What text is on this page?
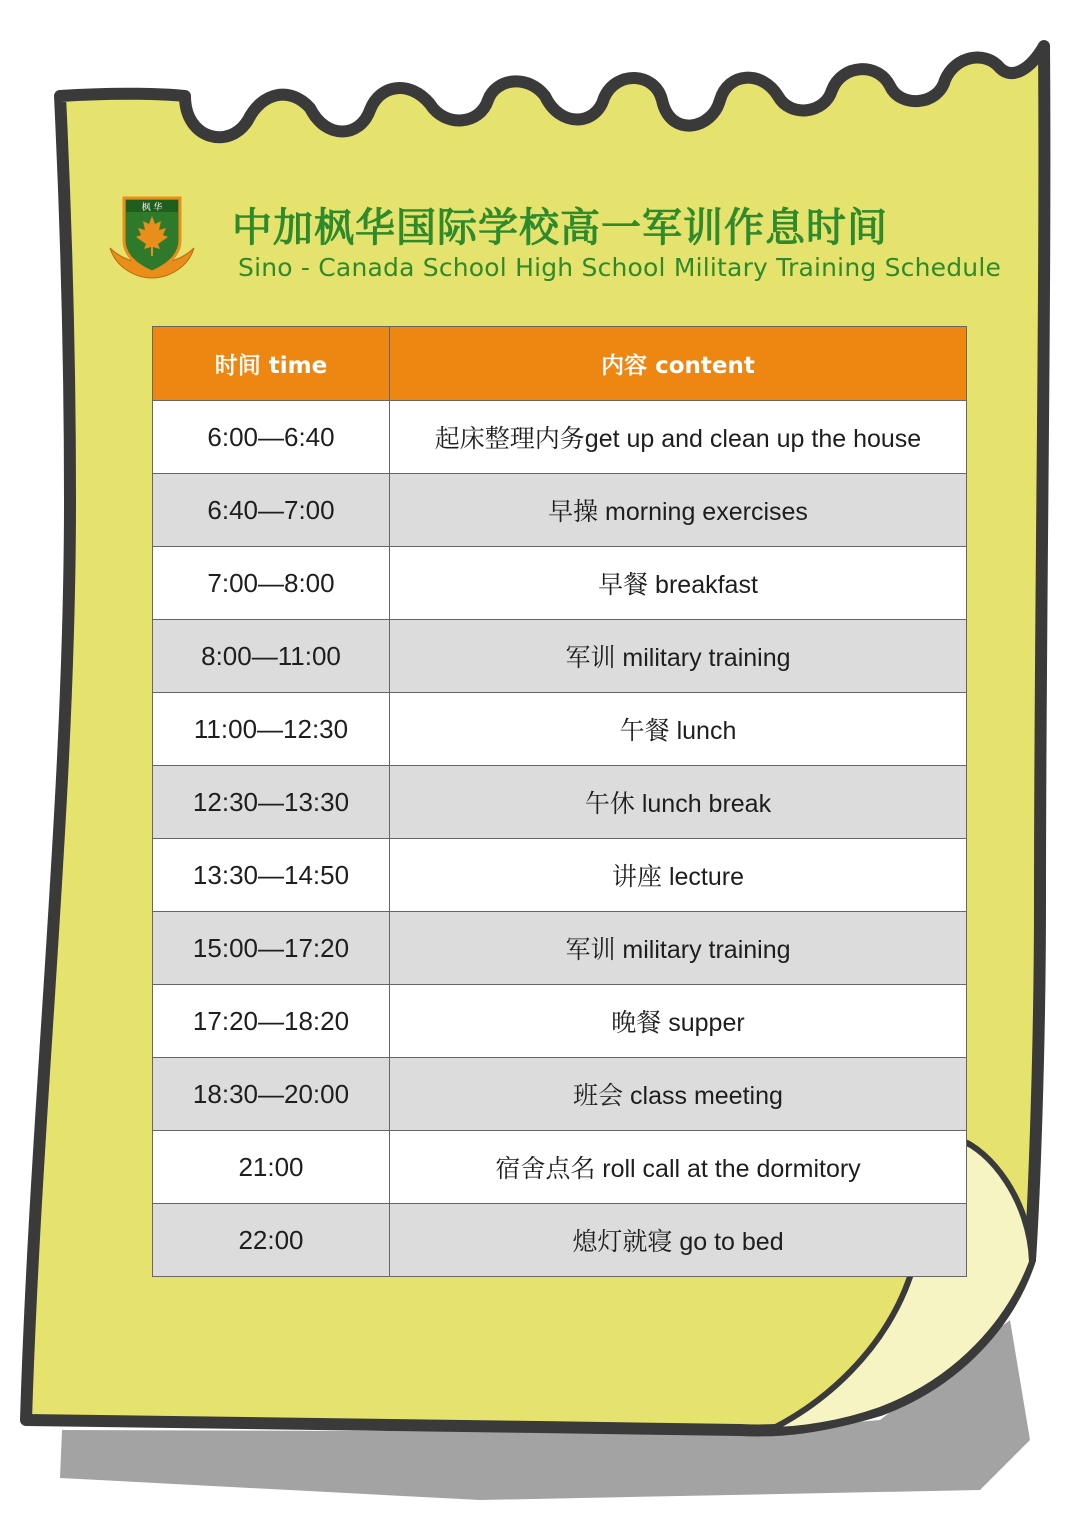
枫 华 中加枫华国际学校高一军训作息时间
Sino - Canada School High School Military Training Schedule
时间 time	内容 content
6:00—6:40	起床整理内务get up and clean up the house
6:40—7:00	早操 morning exercises
7:00—8:00	早餐 breakfast
8:00—11:00	军训 military training
11:00—12:30	午餐 lunch
12:30—13:30	午休 lunch break
13:30—14:50	讲座 lecture
15:00—17:20	军训 military training
17:20—18:20	晚餐 supper
18:30—20:00	班会 class meeting
21:00	宿舍点名 roll call at the dormitory
22:00	熄灯就寝 go to bed
